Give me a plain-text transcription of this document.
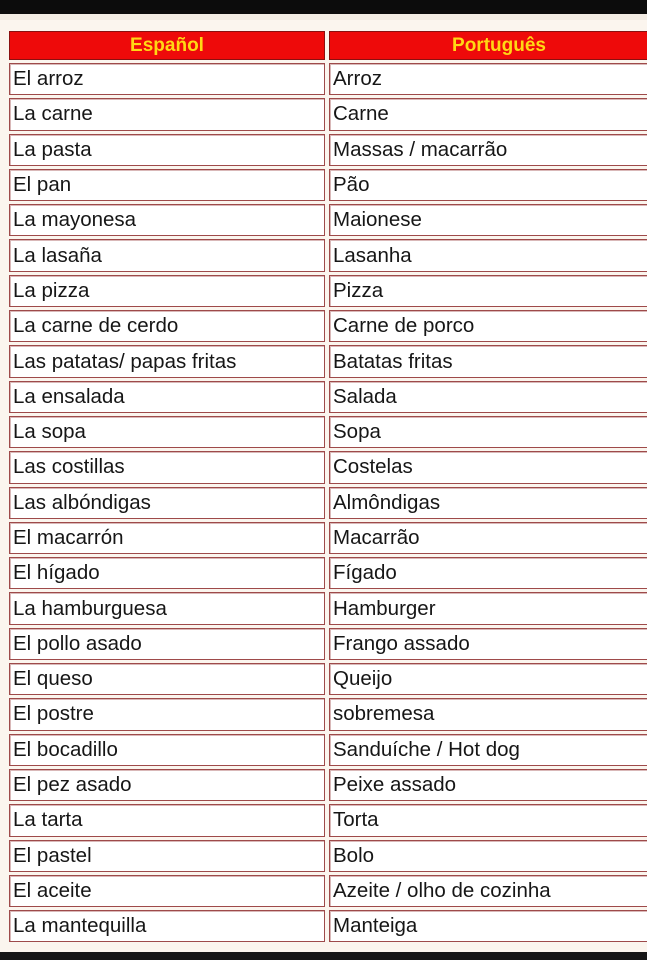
Español	Português
El arroz	Arroz
La carne	Carne
La pasta	Massas / macarrão
El pan	Pão
La mayonesa	Maionese
La lasaña	Lasanha
La pizza	Pizza
La carne de cerdo	Carne de porco
Las patatas/ papas fritas	Batatas fritas
La ensalada	Salada
La sopa	Sopa
Las costillas	Costelas
Las albóndigas	Almôndigas
El macarrón	Macarrão
El hígado	Fígado
La hamburguesa	Hamburger
El pollo asado	Frango assado
El queso	Queijo
El postre	sobremesa
El bocadillo	Sanduíche / Hot dog
El pez asado	Peixe assado
La tarta	Torta
El pastel	Bolo
El aceite	Azeite / olho de cozinha
La mantequilla	Manteiga
